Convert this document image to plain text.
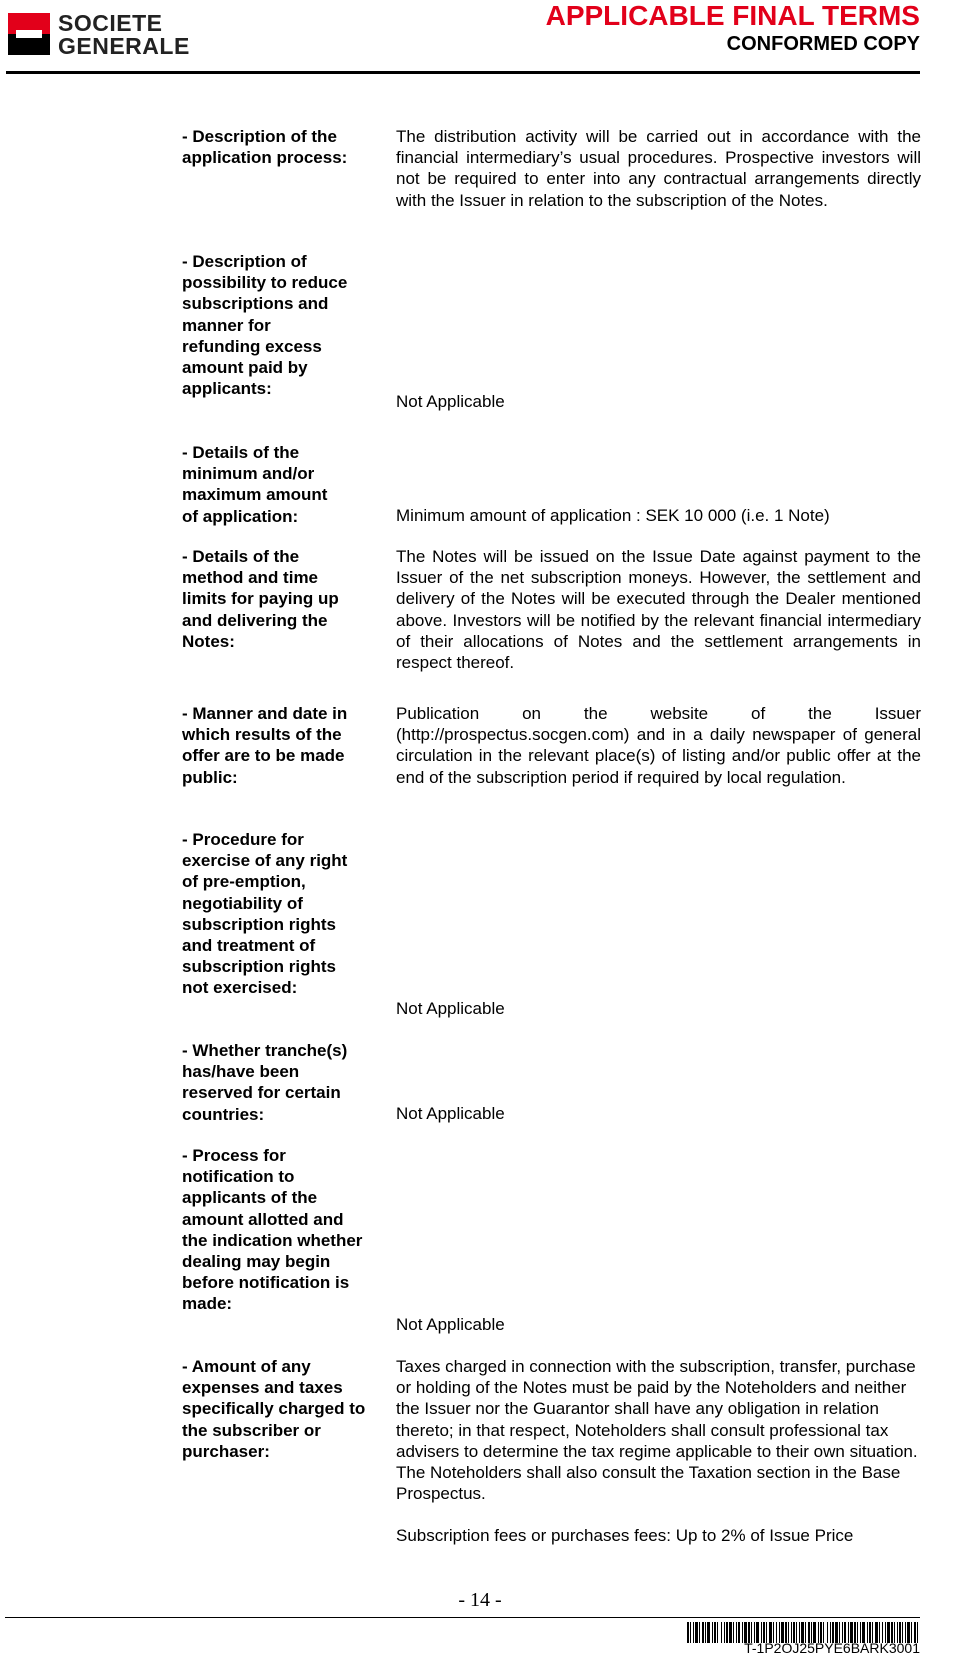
SOCIETE
GENERALE
APPLICABLE FINAL TERMS
CONFORMED COPY
- Description of the application process:
The distribution activity will be carried out in accordance with the financial intermediary’s usual procedures. Prospective investors will not be required to enter into any contractual arrangements directly with the Issuer in relation to the subscription of the Notes.
- Description of possibility to reduce subscriptions and manner for refunding excess amount paid by applicants:
Not Applicable
- Details of the minimum and/or maximum amount of application:	Minimum amount of application : SEK 10 000 (i.e. 1 Note)
- Details of the method and time limits for paying up and delivering the Notes:
The Notes will be issued on the Issue Date against payment to the Issuer of the net subscription moneys. However, the settlement and delivery of the Notes will be executed through the Dealer mentioned above. Investors will be notified by the relevant financial intermediary of their allocations of Notes and the settlement arrangements in respect thereof.
- Manner and date in which results of the offer are to be made public:
Publication on the website of the Issuer (http://prospectus.socgen.com) and in a daily newspaper of general circulation in the relevant place(s) of listing and/or public offer at the end of the subscription period if required by local regulation.
- Procedure for exercise of any right of pre-emption, negotiability of subscription rights and treatment of subscription rights not exercised:
Not Applicable
- Whether tranche(s) has/have been reserved for certain countries:	Not Applicable
- Process for notification to applicants of the amount allotted and the indication whether dealing may begin before notification is made:
Not Applicable
- Amount of any expenses and taxes specifically charged to the subscriber or purchaser:

Taxes charged in connection with the subscription, transfer, purchase or holding of the Notes must be paid by the Noteholders and neither the Issuer nor the Guarantor shall have any obligation in relation thereto; in that respect, Noteholders shall consult professional tax advisers to determine the tax regime applicable to their own situation. The Noteholders shall also consult the Taxation section in the Base Prospectus.

Subscription fees or purchases fees: Up to 2% of Issue Price

- 14 -
T-1P2OJ25PYE6BARK3001
